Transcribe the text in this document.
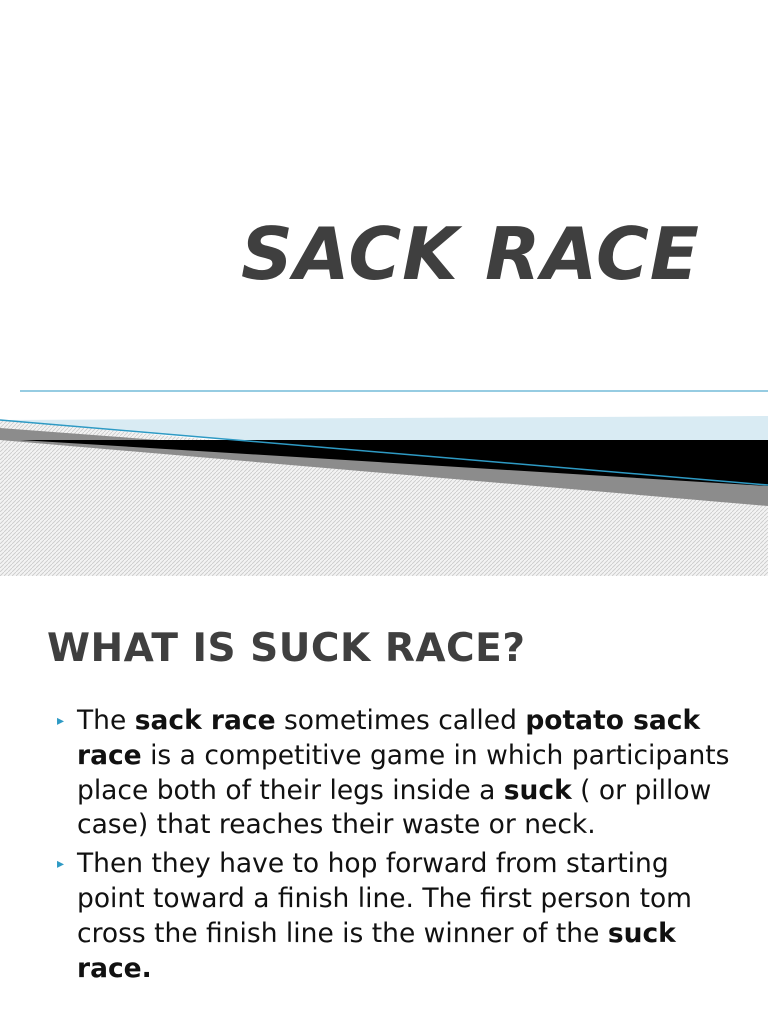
SACK RACE
WHAT IS SUCK RACE?
▸ The sack race sometimes called potato sack race is a competitive game in which participants place both of their legs inside a suck ( or pillow case) that reaches their waste or neck.
▸ Then they have to hop forward from starting point toward a finish line. The first person tom cross the finish line is the winner of the suck race.
